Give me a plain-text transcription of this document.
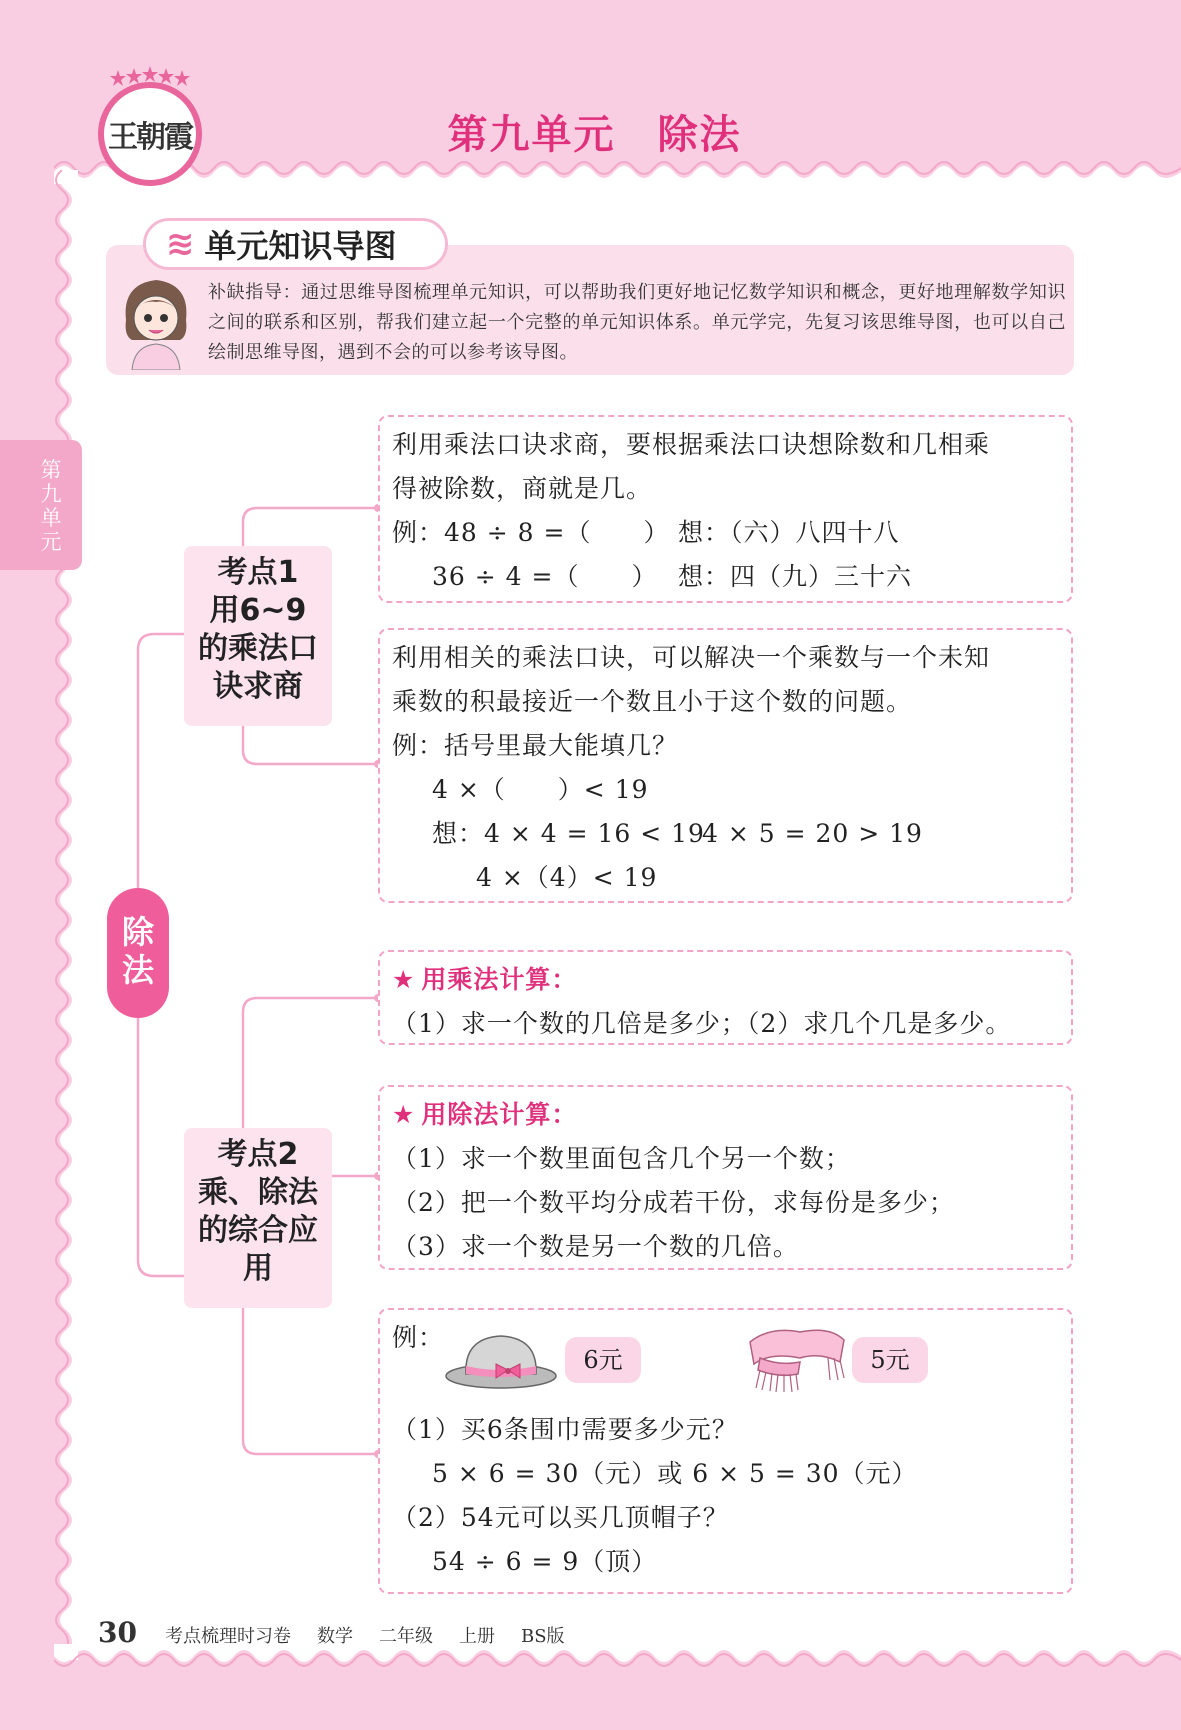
王朝霞	第九单元　除法
第
九
单
元
≋ 单元知识导图
补缺指导：通过思维导图梳理单元知识，可以帮助我们更好地记忆数学知识和概念，更好地理解数学知识之间的联系和区别，帮我们建立起一个完整的单元知识体系。单元学完，先复习该思维导图，也可以自己绘制思维导图，遇到不会的可以参考该导图。
除法
考点1
用6~9
的乘法口
诀求商
考点2
乘、除法
的综合应
用
利用乘法口诀求商，要根据乘法口诀想除数和几相乘
得被除数，商就是几。
例：48 ÷ 8 =（　　） 想：（六）八四十八
36 ÷ 4 =（　　） 想：四（九）三十六
利用相关的乘法口诀，可以解决一个乘数与一个未知
乘数的积最接近一个数且小于这个数的问题。
例：括号里最大能填几？
4 ×（　　）< 19
想：4 × 4 = 16 < 194 × 5 = 20 > 19
4 ×（4）< 19
★ 用乘法计算：
（1）求一个数的几倍是多少；（2）求几个几是多少。
★ 用除法计算：
（1）求一个数里面包含几个另一个数；
（2）把一个数平均分成若干份，求每份是多少；
（3）求一个数是另一个数的几倍。
例：
（1）买6条围巾需要多少元？
5 × 6 = 30（元）或 6 × 5 = 30（元）
（2）54元可以买几顶帽子？
54 ÷ 6 = 9（顶）
6元	5元
30 考点梳理时习卷 数学 二年级 上册 BS版
